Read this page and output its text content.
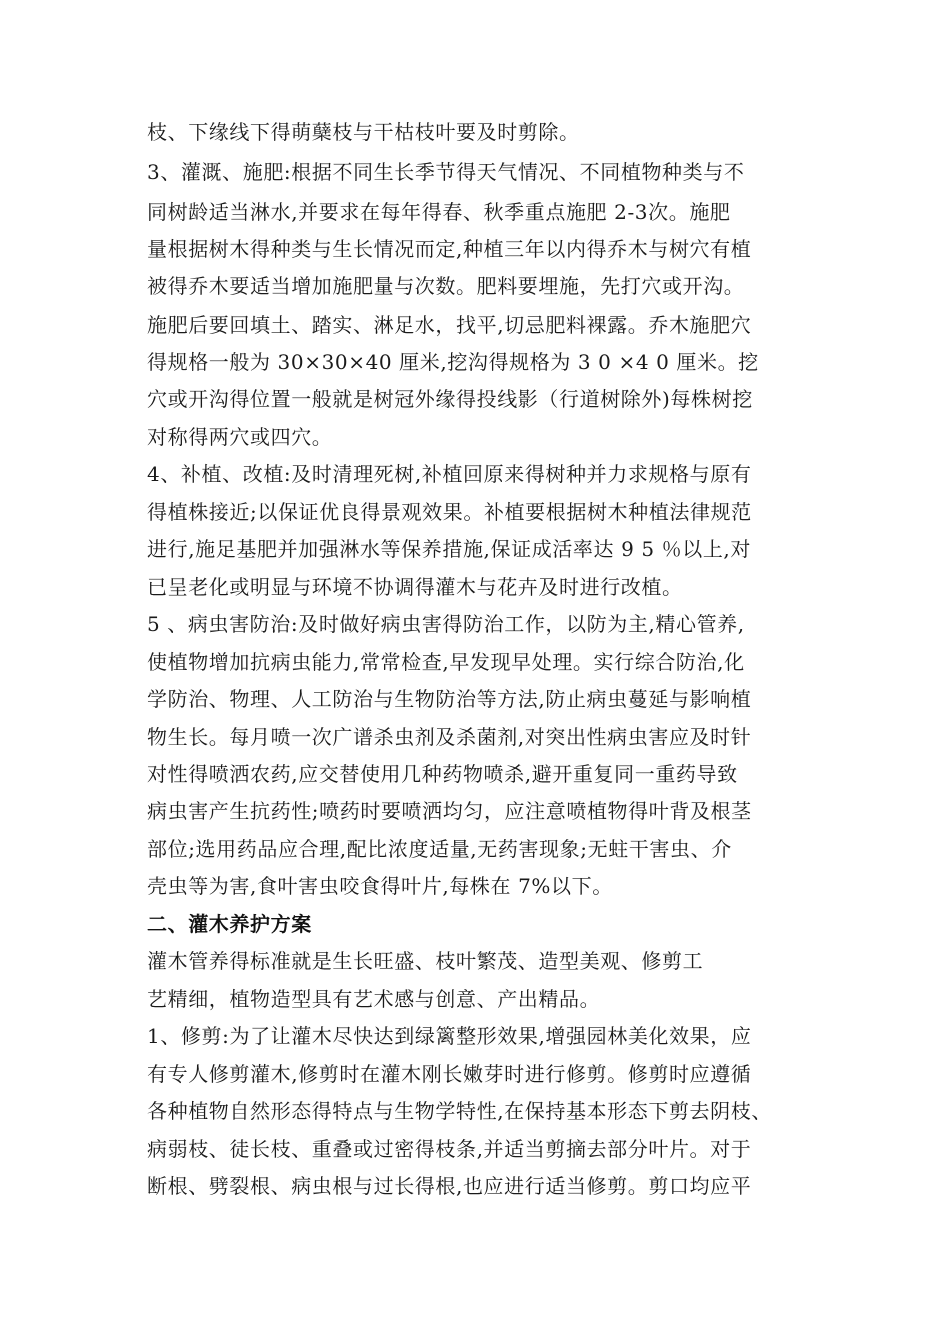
枝、下缘线下得萌蘖枝与干枯枝叶要及时剪除。
3、灌溉、施肥:根据不同生长季节得天气情况、不同植物种类与不
同树龄适当淋水,并要求在每年得春、秋季重点施肥 2-3次。施肥
量根据树木得种类与生长情况而定,种植三年以内得乔木与树穴有植
被得乔木要适当增加施肥量与次数。肥料要埋施，先打穴或开沟。
施肥后要回填土、踏实、淋足水，找平,切忌肥料裸露。乔木施肥穴
得规格一般为 30×30×40 厘米,挖沟得规格为 3 0 ×4 0 厘米。挖
穴或开沟得位置一般就是树冠外缘得投线影（行道树除外)每株树挖
对称得两穴或四穴。
4、补植、改植:及时清理死树,补植回原来得树种并力求规格与原有
得植株接近;以保证优良得景观效果。补植要根据树木种植法律规范
进行,施足基肥并加强淋水等保养措施,保证成活率达 9 5 ％以上,对
已呈老化或明显与环境不协调得灌木与花卉及时进行改植。
5 、病虫害防治:及时做好病虫害得防治工作，以防为主,精心管养,
使植物增加抗病虫能力,常常检查,早发现早处理。实行综合防治,化
学防治、物理、人工防治与生物防治等方法,防止病虫蔓延与影响植
物生长。每月喷一次广谱杀虫剂及杀菌剂,对突出性病虫害应及时针
对性得喷洒农药,应交替使用几种药物喷杀,避开重复同一重药导致
病虫害产生抗药性;喷药时要喷洒均匀，应注意喷植物得叶背及根茎
部位;选用药品应合理,配比浓度适量,无药害现象;无蛀干害虫、介
壳虫等为害,食叶害虫咬食得叶片,每株在 7%以下。
二、灌木养护方案
灌木管养得标准就是生长旺盛、枝叶繁茂、造型美观、修剪工
艺精细，植物造型具有艺术感与创意、产出精品。
1、修剪:为了让灌木尽快达到绿篱整形效果,增强园林美化效果，应
有专人修剪灌木,修剪时在灌木刚长嫩芽时进行修剪。修剪时应遵循
各种植物自然形态得特点与生物学特性,在保持基本形态下剪去阴枝、
病弱枝、徒长枝、重叠或过密得枝条,并适当剪摘去部分叶片。对于
断根、劈裂根、病虫根与过长得根,也应进行适当修剪。剪口均应平
